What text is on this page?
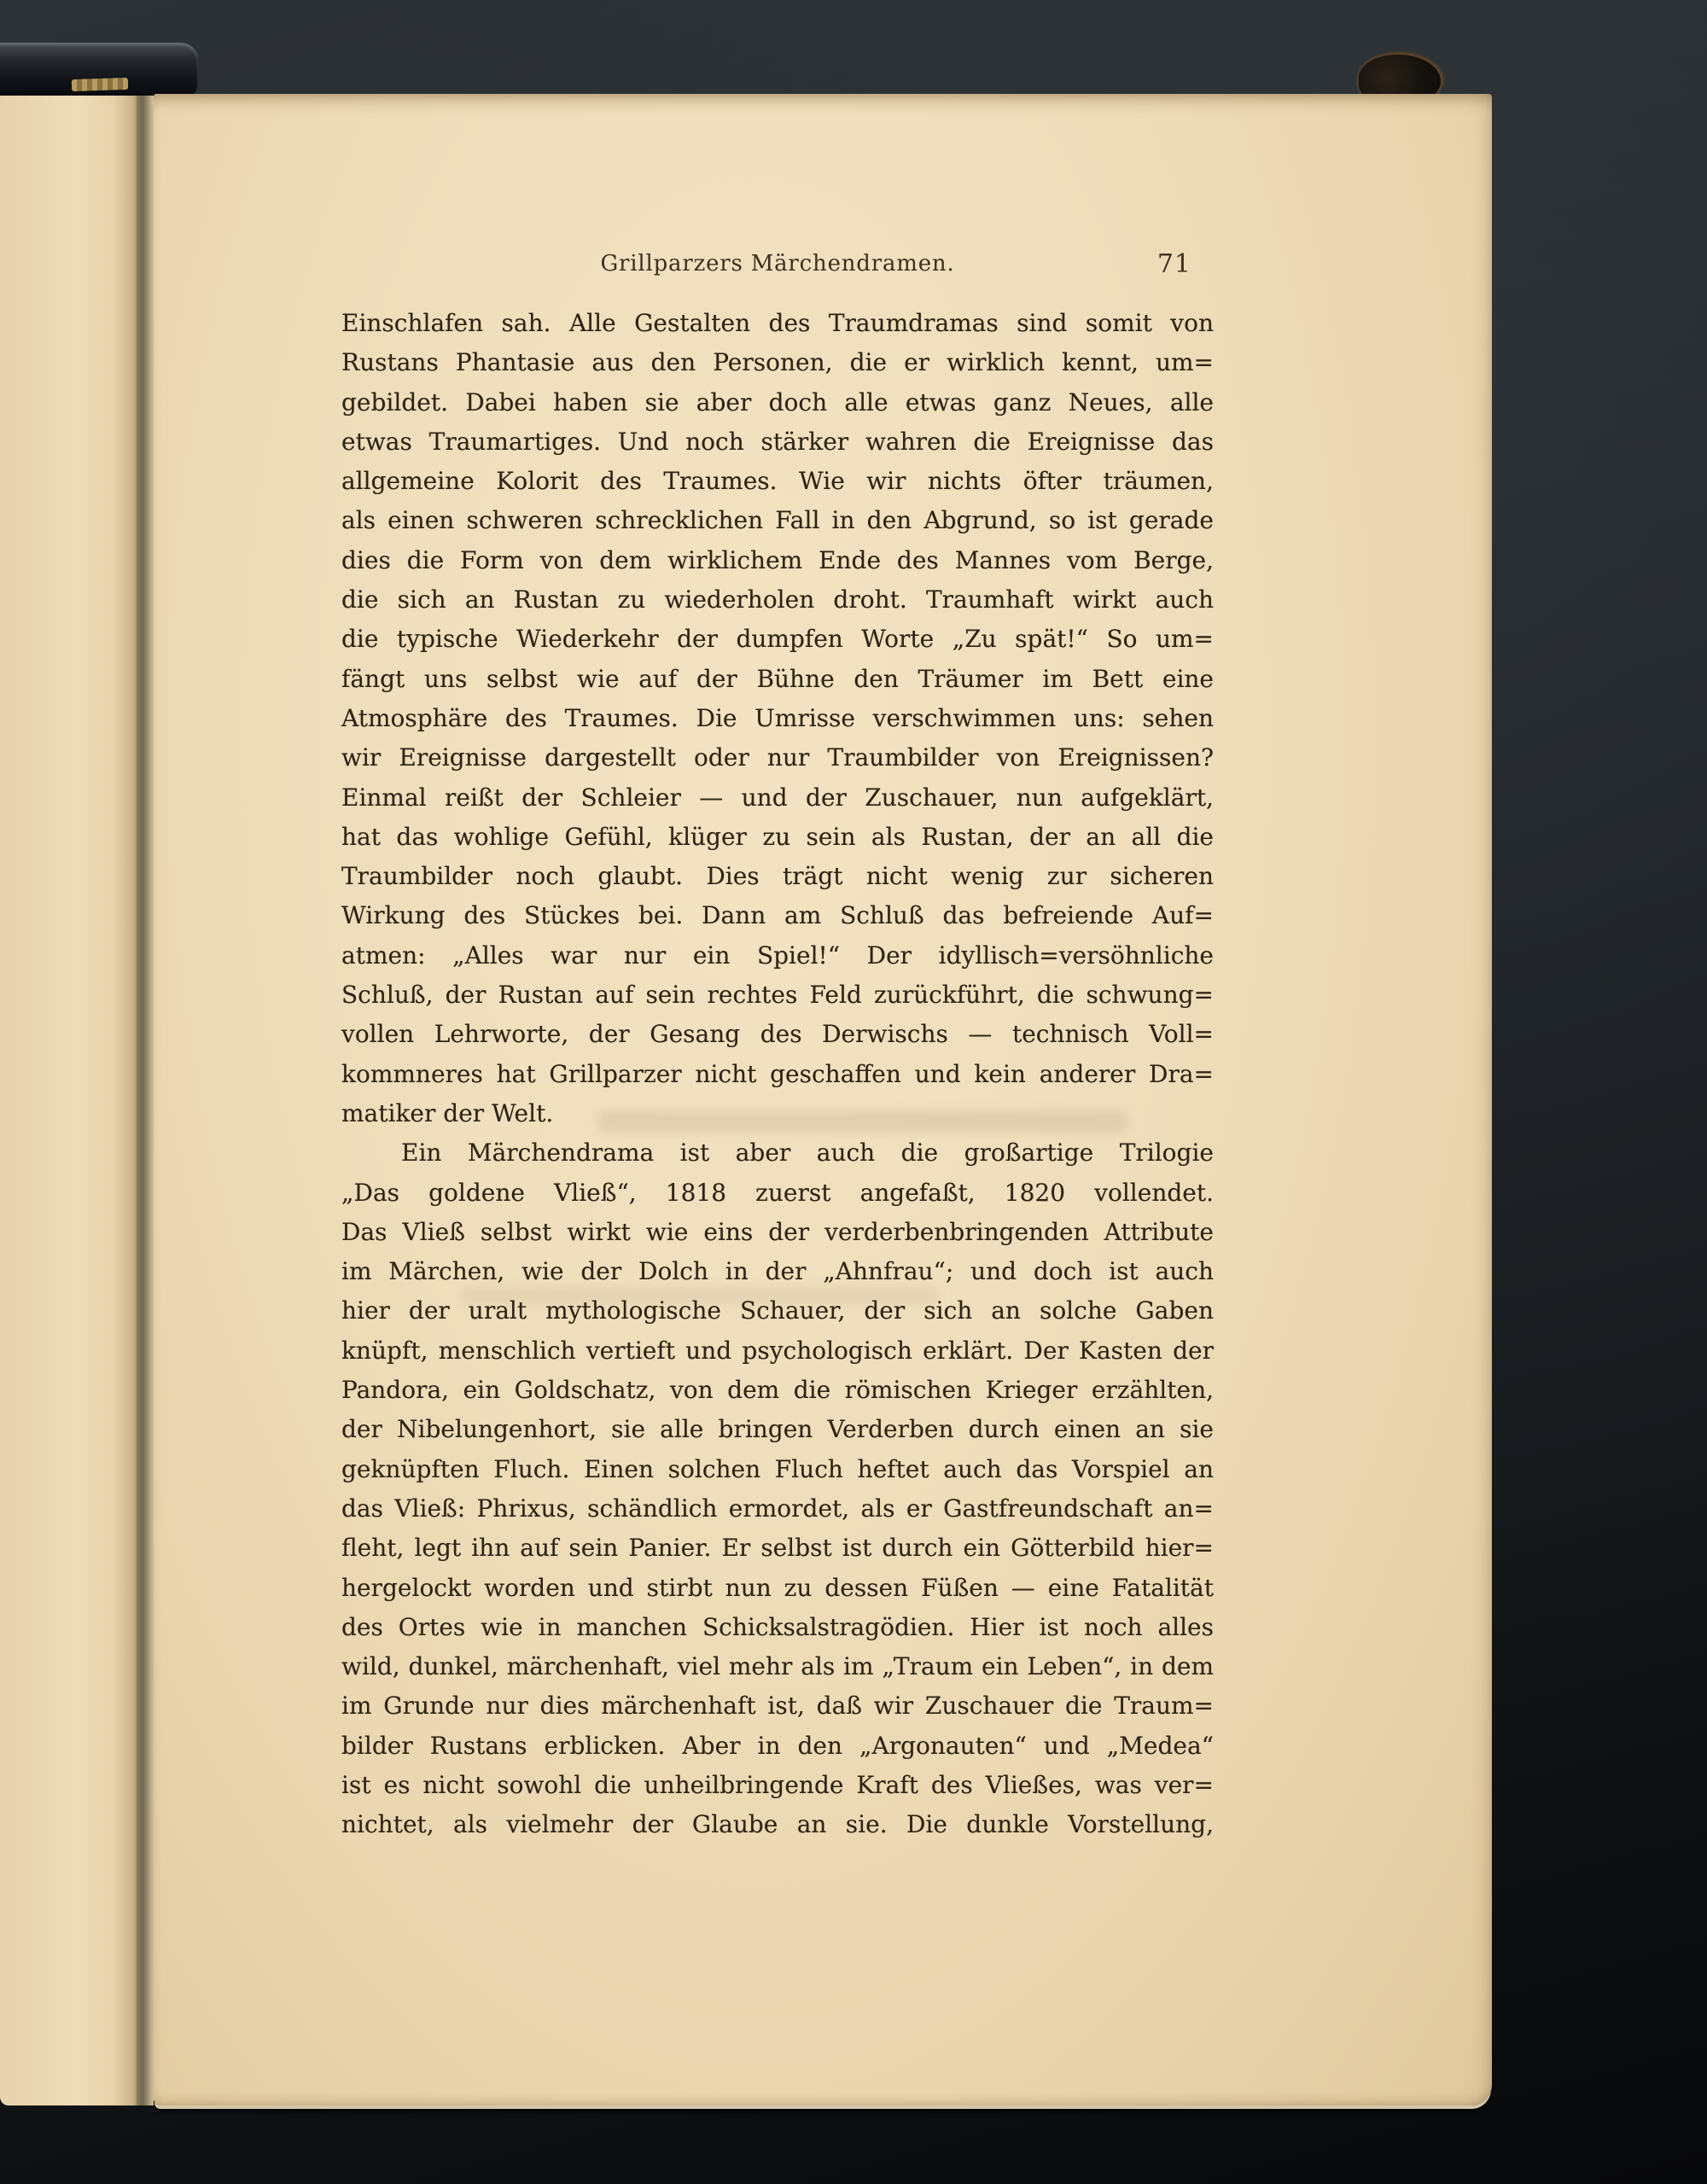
Grillparzers Märchendramen.	71
Einschlafen sah. Alle Gestalten des Traumdramas sind somit von
Rustans Phantasie aus den Personen, die er wirklich kennt, um=
gebildet. Dabei haben sie aber doch alle etwas ganz Neues, alle
etwas Traumartiges. Und noch stärker wahren die Ereignisse das
allgemeine Kolorit des Traumes. Wie wir nichts öfter träumen,
als einen schweren schrecklichen Fall in den Abgrund, so ist gerade
dies die Form von dem wirklichem Ende des Mannes vom Berge,
die sich an Rustan zu wiederholen droht. Traumhaft wirkt auch
die typische Wiederkehr der dumpfen Worte „Zu spät!“ So um=
fängt uns selbst wie auf der Bühne den Träumer im Bett eine
Atmosphäre des Traumes. Die Umrisse verschwimmen uns: sehen
wir Ereignisse dargestellt oder nur Traumbilder von Ereignissen?
Einmal reißt der Schleier — und der Zuschauer, nun aufgeklärt,
hat das wohlige Gefühl, klüger zu sein als Rustan, der an all die
Traumbilder noch glaubt. Dies trägt nicht wenig zur sicheren
Wirkung des Stückes bei. Dann am Schluß das befreiende Auf=
atmen: „Alles war nur ein Spiel!“ Der idyllisch=versöhnliche
Schluß, der Rustan auf sein rechtes Feld zurückführt, die schwung=
vollen Lehrworte, der Gesang des Derwischs — technisch Voll=
kommneres hat Grillparzer nicht geschaffen und kein anderer Dra=
matiker der Welt.
Ein Märchendrama ist aber auch die großartige Trilogie
„Das goldene Vließ“, 1818 zuerst angefaßt, 1820 vollendet.
Das Vließ selbst wirkt wie eins der verderbenbringenden Attribute
im Märchen, wie der Dolch in der „Ahnfrau“; und doch ist auch
hier der uralt mythologische Schauer, der sich an solche Gaben
knüpft, menschlich vertieft und psychologisch erklärt. Der Kasten der
Pandora, ein Goldschatz, von dem die römischen Krieger erzählten,
der Nibelungenhort, sie alle bringen Verderben durch einen an sie
geknüpften Fluch. Einen solchen Fluch heftet auch das Vorspiel an
das Vließ: Phrixus, schändlich ermordet, als er Gastfreundschaft an=
fleht, legt ihn auf sein Panier. Er selbst ist durch ein Götterbild hier=
hergelockt worden und stirbt nun zu dessen Füßen — eine Fatalität
des Ortes wie in manchen Schicksalstragödien. Hier ist noch alles
wild, dunkel, märchenhaft, viel mehr als im „Traum ein Leben“, in dem
im Grunde nur dies märchenhaft ist, daß wir Zuschauer die Traum=
bilder Rustans erblicken. Aber in den „Argonauten“ und „Medea“
ist es nicht sowohl die unheilbringende Kraft des Vließes, was ver=
nichtet, als vielmehr der Glaube an sie. Die dunkle Vorstellung,
